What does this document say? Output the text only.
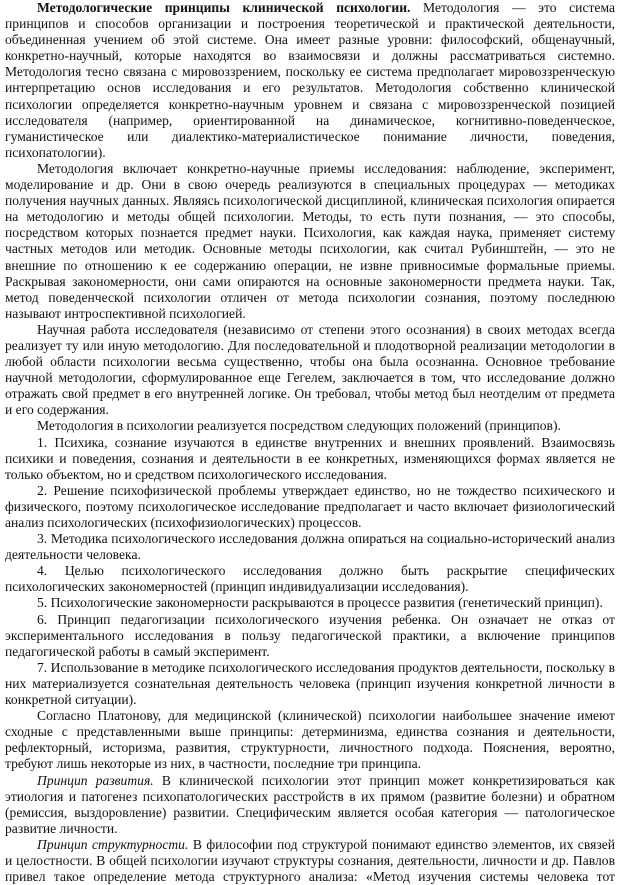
Методологические принципы клинической психологии. Методология — это система принципов и способов организации и построения теоретической и практической деятельности, объединенная учением об этой системе. Она имеет разные уровни: философский, общенаучный, конкретно-научный, которые находятся во взаимосвязи и должны рассматриваться системно. Методология тесно связана с мировоззрением, поскольку ее система предполагает мировоззренческую интерпретацию основ исследования и его результатов. Методология собственно клинической психологии определяется конкретно-научным уровнем и связана с мировоззренческой позицией исследователя (например, ориентированной на динамическое, когнитивно-поведенческое, гуманистическое или диалектико-материалистическое понимание личности, поведения, психопатологии).

Методология включает конкретно-научные приемы исследования: наблюдение, эксперимент, моделирование и др. Они в свою очередь реализуются в специальных процедурах — методиках получения научных данных. Являясь психологической дисциплиной, клиническая психология опирается на методологию и методы общей психологии. Методы, то есть пути познания, — это способы, посредством которых познается предмет науки. Психология, как каждая наука, применяет систему частных методов или методик. Основные методы психологии, как считал Рубинштейн, — это не внешние по отношению к ее содержанию операции, не извне привносимые формальные приемы. Раскрывая закономерности, они сами опираются на основные закономерности предмета науки. Так, метод поведенческой психологии отличен от метода психологии сознания, поэтому последнюю называют интроспективной психологией.

Научная работа исследователя (независимо от степени этого осознания) в своих методах всегда реализует ту или иную методологию. Для последовательной и плодотворной реализации методологии в любой области психологии весьма существенно, чтобы она была осознанна. Основное требование научной методологии, сформулированное еще Гегелем, заключается в том, что исследование должно отражать свой предмет в его внутренней логике. Он требовал, чтобы метод был неотделим от предмета и его содержания.

Методология в психологии реализуется посредством следующих положений (принципов).

1. Психика, сознание изучаются в единстве внутренних и внешних проявлений. Взаимосвязь психики и поведения, сознания и деятельности в ее конкретных, изменяющихся формах является не только объектом, но и средством психологического исследования.

2. Решение психофизической проблемы утверждает единство, но не тождество психического и физического, поэтому психологическое исследование предполагает и часто включает физиологический анализ психологических (психофизиологических) процессов.

3. Методика психологического исследования должна опираться на социально-исторический анализ деятельности человека.

4. Целью психологического исследования должно быть раскрытие специфических психологических закономерностей (принцип индивидуализации исследования).

5. Психологические закономерности раскрываются в процессе развития (генетический принцип).

6. Принцип педагогизации психологического изучения ребенка. Он означает не отказ от экспериментального исследования в пользу педагогической практики, а включение принципов педагогической работы в самый эксперимент.

7. Использование в методике психологического исследования продуктов деятельности, поскольку в них материализуется сознательная деятельность человека (принцип изучения конкретной личности в конкретной ситуации).

Согласно Платонову, для медицинской (клинической) психологии наибольшее значение имеют сходные с представленными выше принципы: детерминизма, единства сознания и деятельности, рефлекторный, историзма, развития, структурности, личностного подхода. Пояснения, вероятно, требуют лишь некоторые из них, в частности, последние три принципа.

Принцип развития. В клинической психологии этот принцип может конкретизироваться как этиология и патогенез психопатологических расстройств в их прямом (развитие болезни) и обратном (ремиссия, выздоровление) развитии. Специфическим является особая категория — патологическое развитие личности.

Принцип структурности. В философии под структурой понимают единство элементов, их связей и целостности. В общей психологии изучают структуры сознания, деятельности, личности и др. Павлов привел такое определение метода структурного анализа: «Метод изучения системы человека тот
